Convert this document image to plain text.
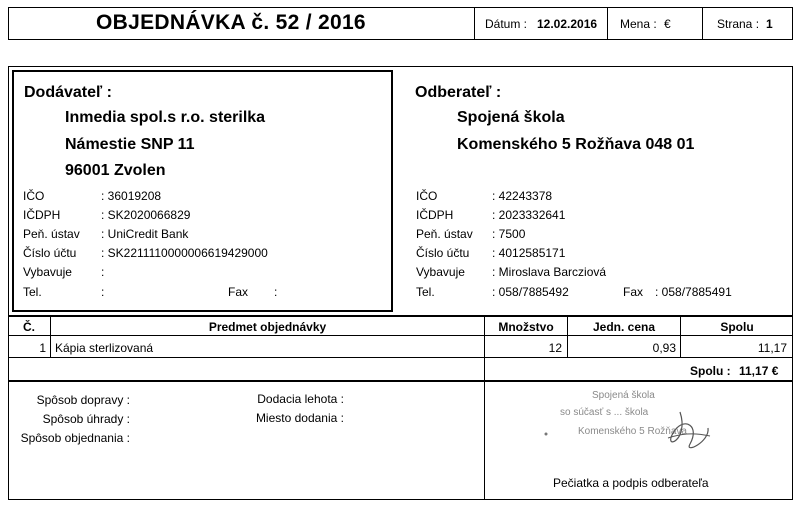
OBJEDNÁVKA č. 52 / 2016	Dátum : 12.02.2016 Mena : €	Strana : 1
Dodávateľ :
Inmedia spol.s r.o. sterilka
Námestie SNP 11
96001 Zvolen
IČO	: 36019208
IČDPH	: SK2020066829
Peň. ústav : UniCredit Bank
Číslo účtu : SK2211110000006619429000
Vybavuje :
Tel.	:	Fax :
Odberateľ :
Spojená škola
Komenského 5 Rožňava 048 01
IČO	: 42243378
IČDPH	: 2023332641
Peň. ústav : 7500
Číslo účtu : 4012585171
Vybavuje : Miroslava Barcziová
Tel.	: 058/7885492	Fax : 058/7885491
Č.	Predmet objednávky	Množstvo	Jedn. cena	Spolu
1 Kápia sterlizovaná	12	0,93	11,17
Spolu : 11,17 €
Spôsob dopravy :
Spôsob úhrady :
Spôsob objednania :
Dodacia lehota :
Miesto dodania :
Spojená škola
so súčasť s ... škola
Komenského 5 Rožňava
Pečiatka a podpis odberateľa
